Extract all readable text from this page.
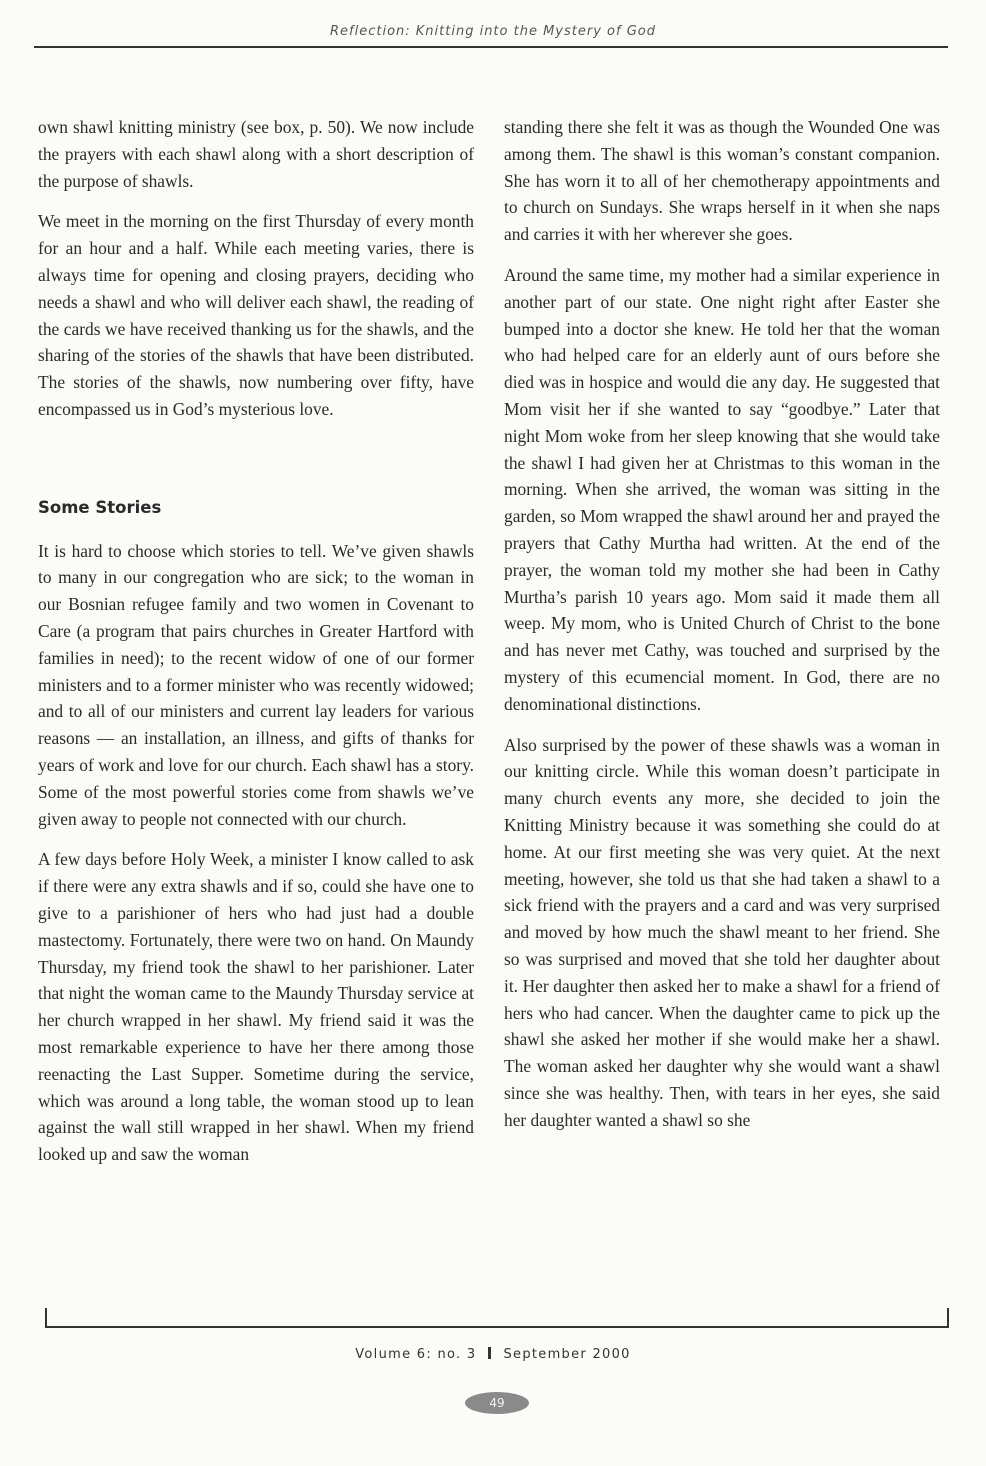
Reflection: Knitting into the Mystery of God

own shawl knitting ministry (see box, p. 50). We now include the prayers with each shawl along with a short description of the purpose of shawls.

We meet in the morning on the first Thursday of every month for an hour and a half. While each meeting varies, there is always time for opening and closing prayers, deciding who needs a shawl and who will deliver each shawl, the reading of the cards we have received thanking us for the shawls, and the sharing of the stories of the shawls that have been distributed. The stories of the shawls, now numbering over fifty, have encompassed us in God’s mysterious love.

Some Stories

It is hard to choose which stories to tell. We’ve given shawls to many in our congregation who are sick; to the woman in our Bosnian refugee family and two women in Covenant to Care (a program that pairs churches in Greater Hartford with families in need); to the recent widow of one of our former ministers and to a former minister who was recently widowed; and to all of our ministers and current lay leaders for various reasons — an installation, an illness, and gifts of thanks for years of work and love for our church. Each shawl has a story. Some of the most powerful stories come from shawls we’ve given away to people not connected with our church.

A few days before Holy Week, a minister I know called to ask if there were any extra shawls and if so, could she have one to give to a parishioner of hers who had just had a double mastectomy. Fortunately, there were two on hand. On Maundy Thursday, my friend took the shawl to her parishioner. Later that night the woman came to the Maundy Thursday service at her church wrapped in her shawl. My friend said it was the most remarkable experience to have her there among those reenacting the Last Supper. Sometime during the service, which was around a long table, the woman stood up to lean against the wall still wrapped in her shawl. When my friend looked up and saw the woman

standing there she felt it was as though the Wounded One was among them. The shawl is this woman’s constant companion. She has worn it to all of her chemotherapy appointments and to church on Sundays. She wraps herself in it when she naps and carries it with her wherever she goes.

Around the same time, my mother had a similar experience in another part of our state. One night right after Easter she bumped into a doctor she knew. He told her that the woman who had helped care for an elderly aunt of ours before she died was in hospice and would die any day. He suggested that Mom visit her if she wanted to say “goodbye.” Later that night Mom woke from her sleep knowing that she would take the shawl I had given her at Christmas to this woman in the morning. When she arrived, the woman was sitting in the garden, so Mom wrapped the shawl around her and prayed the prayers that Cathy Murtha had written. At the end of the prayer, the woman told my mother she had been in Cathy Murtha’s parish 10 years ago. Mom said it made them all weep. My mom, who is United Church of Christ to the bone and has never met Cathy, was touched and surprised by the mystery of this ecumencial moment. In God, there are no denominational distinctions.

Also surprised by the power of these shawls was a woman in our knitting circle. While this woman doesn’t participate in many church events any more, she decided to join the Knitting Ministry because it was something she could do at home. At our first meeting she was very quiet. At the next meeting, however, she told us that she had taken a shawl to a sick friend with the prayers and a card and was very surprised and moved by how much the shawl meant to her friend. She so was surprised and moved that she told her daughter about it. Her daughter then asked her to make a shawl for a friend of hers who had cancer. When the daughter came to pick up the shawl she asked her mother if she would make her a shawl. The woman asked her daughter why she would want a shawl since she was healthy. Then, with tears in her eyes, she said her daughter wanted a shawl so she

Volume 6: no. 3 September 2000
49
